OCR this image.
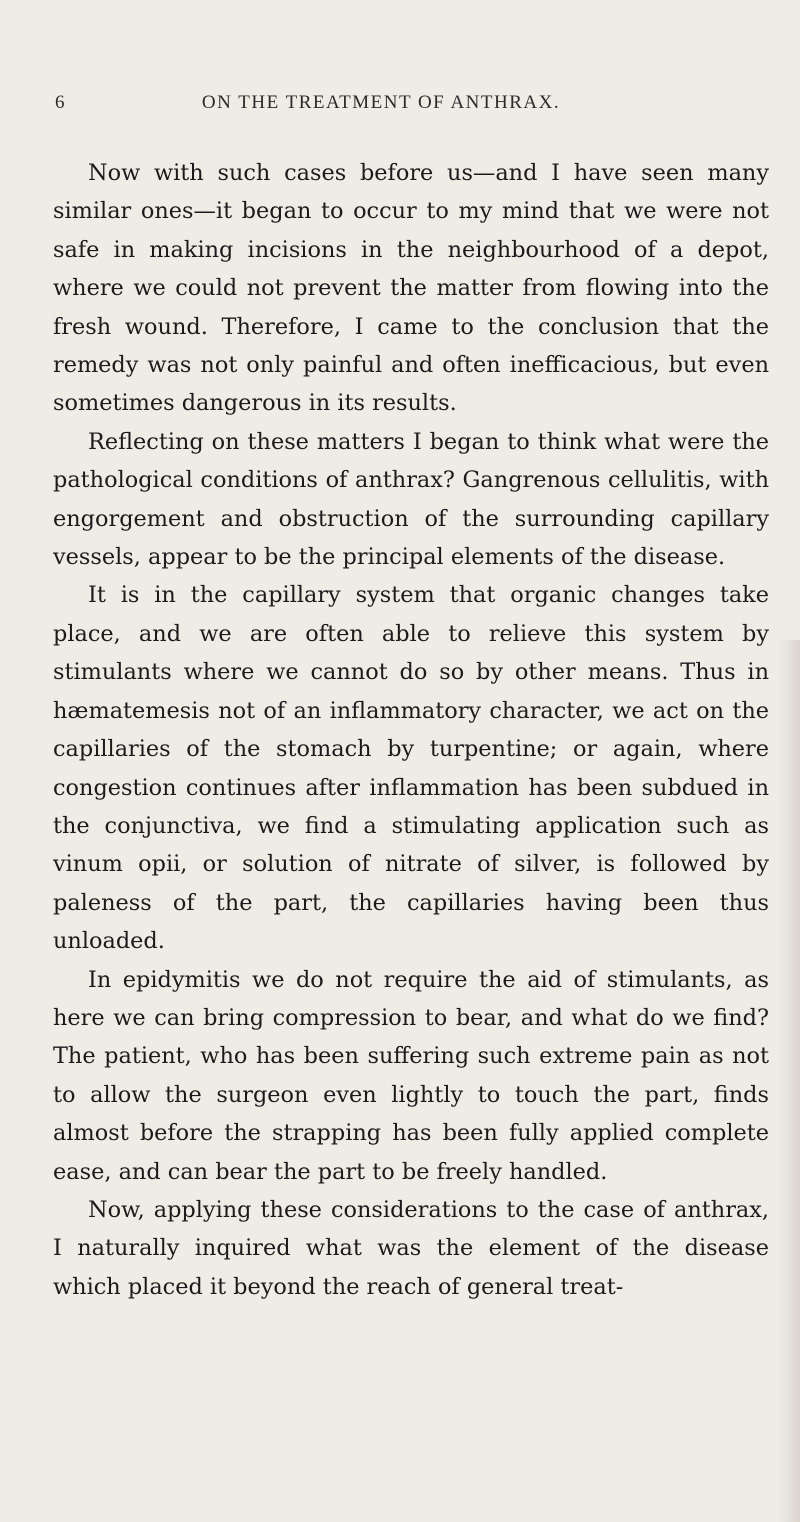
6	ON THE TREATMENT OF ANTHRAX.

Now with such cases before us—and I have seen many similar ones—it began to occur to my mind that we were not safe in making incisions in the neighbourhood of a depot, where we could not prevent the matter from flowing into the fresh wound. Therefore, I came to the conclusion that the remedy was not only painful and often inefficacious, but even sometimes dangerous in its results.

Reflecting on these matters I began to think what were the pathological conditions of anthrax? Gangrenous cellulitis, with engorgement and obstruction of the surrounding capillary vessels, appear to be the principal elements of the disease.

It is in the capillary system that organic changes take place, and we are often able to relieve this system by stimulants where we cannot do so by other means. Thus in hæmatemesis not of an inflammatory character, we act on the capillaries of the stomach by turpentine; or again, where congestion continues after inflammation has been subdued in the conjunctiva, we find a stimulating application such as vinum opii, or solution of nitrate of silver, is followed by paleness of the part, the capillaries having been thus unloaded.

In epidymitis we do not require the aid of stimulants, as here we can bring compression to bear, and what do we find? The patient, who has been suffering such extreme pain as not to allow the surgeon even lightly to touch the part, finds almost before the strapping has been fully applied complete ease, and can bear the part to be freely handled.

Now, applying these considerations to the case of anthrax, I naturally inquired what was the element of the disease which placed it beyond the reach of general treat-
